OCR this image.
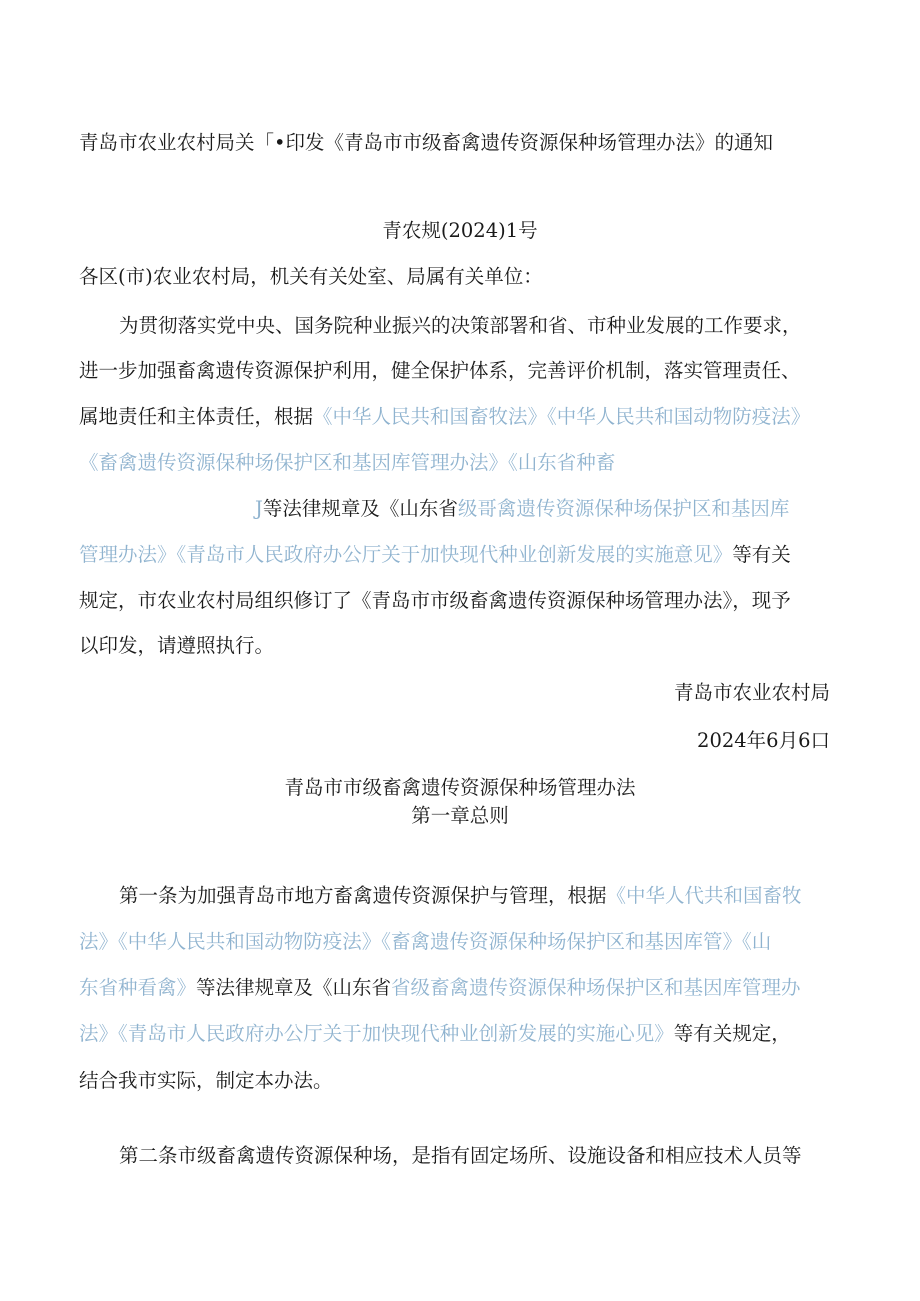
青岛市农业农村局关「•印发《青岛市市级畜禽遗传资源保种场管理办法》的通知

青农规(2024)1号

各区(市)农业农村局，机关有关处室、局属有关单位：

为贯彻落实党中央、国务院种业振兴的决策部署和省、市种业发展的工作要求，

进一步加强畜禽遗传资源保护利用，健全保护体系，完善评价机制，落实管理责任、

属地责任和主体责任，根据《中华人民共和国畜牧法》《中华人民共和国动物防疫法》

《畜禽遗传资源保种场保护区和基因库管理办法》《山东省种畜

J等法律规章及《山东省级哥禽遗传资源保种场保护区和基因库

管理办法》《青岛市人民政府办公厅关于加快现代种业创新发展的实施意见》等有关

规定，市农业农村局组织修订了《青岛市市级畜禽遗传资源保种场管理办法》，现予

以印发，请遵照执行。

青岛市农业农村局

2024年6月6口

青岛市市级畜禽遗传资源保种场管理办法

第一章总则

第一条为加强青岛市地方畜禽遗传资源保护与管理，根据《中华人代共和国畜牧

法》《中华人民共和国动物防疫法》《畜禽遗传资源保种场保护区和基因库管》《山

东省种看禽》等法律规章及《山东省省级畜禽遗传资源保种场保护区和基因库管理办

法》《青岛市人民政府办公厅关于加快现代种业创新发展的实施心见》等有关规定，

结合我市实际，制定本办法。

第二条市级畜禽遗传资源保种场，是指有固定场所、设施设备和相应技术人员等
